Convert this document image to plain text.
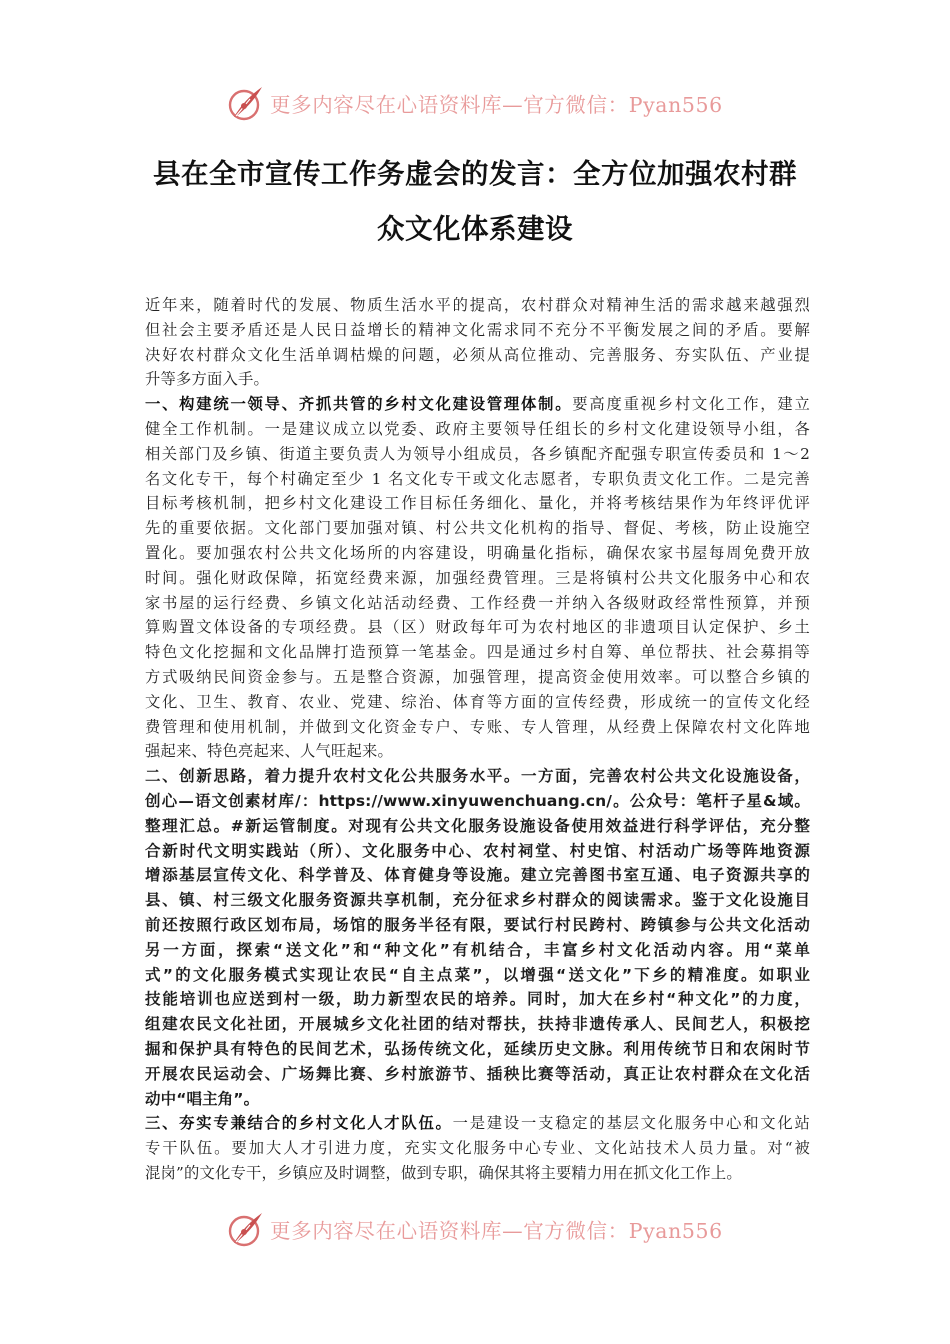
更多内容尽在心语资料库—官方微信：Pyan556
县在全市宣传工作务虚会的发言：全方位加强农村群
众文化体系建设
近年来，随着时代的发展、物质生活水平的提高，农村群众对精神生活的需求越来越强烈
但社会主要矛盾还是人民日益增长的精神文化需求同不充分不平衡发展之间的矛盾。要解
决好农村群众文化生活单调枯燥的问题，必须从高位推动、完善服务、夯实队伍、产业提
升等多方面入手。
一、构建统一领导、齐抓共管的乡村文化建设管理体制。要高度重视乡村文化工作，建立
健全工作机制。一是建议成立以党委、政府主要领导任组长的乡村文化建设领导小组，各
相关部门及乡镇、街道主要负责人为领导小组成员，各乡镇配齐配强专职宣传委员和 1～2
名文化专干，每个村确定至少 1 名文化专干或文化志愿者，专职负责文化工作。二是完善
目标考核机制，把乡村文化建设工作目标任务细化、量化，并将考核结果作为年终评优评
先的重要依据。文化部门要加强对镇、村公共文化机构的指导、督促、考核，防止设施空
置化。要加强农村公共文化场所的内容建设，明确量化指标，确保农家书屋每周免费开放
时间。强化财政保障，拓宽经费来源，加强经费管理。三是将镇村公共文化服务中心和农
家书屋的运行经费、乡镇文化站活动经费、工作经费一并纳入各级财政经常性预算，并预
算购置文体设备的专项经费。县（区）财政每年可为农村地区的非遗项目认定保护、乡土
特色文化挖掘和文化品牌打造预算一笔基金。四是通过乡村自筹、单位帮扶、社会募捐等
方式吸纳民间资金参与。五是整合资源，加强管理，提高资金使用效率。可以整合乡镇的
文化、卫生、教育、农业、党建、综治、体育等方面的宣传经费，形成统一的宣传文化经
费管理和使用机制，并做到文化资金专户、专账、专人管理，从经费上保障农村文化阵地
强起来、特色亮起来、人气旺起来。
二、创新思路，着力提升农村文化公共服务水平。一方面，完善农村公共文化设施设备，
创心—语文创素材库/：https://www.xinyuwenchuang.cn/。公众号：笔杆子星&域。
整理汇总。#新运管制度。对现有公共文化服务设施设备使用效益进行科学评估，充分整
合新时代文明实践站（所）、文化服务中心、农村祠堂、村史馆、村活动广场等阵地资源
增添基层宣传文化、科学普及、体育健身等设施。建立完善图书室互通、电子资源共享的
县、镇、村三级文化服务资源共享机制，充分征求乡村群众的阅读需求。鉴于文化设施目
前还按照行政区划布局，场馆的服务半径有限，要试行村民跨村、跨镇参与公共文化活动
另一方面，探索“送文化”和“种文化”有机结合，丰富乡村文化活动内容。用“菜单
式”的文化服务模式实现让农民“自主点菜”，以增强“送文化”下乡的精准度。如职业
技能培训也应送到村一级，助力新型农民的培养。同时，加大在乡村“种文化”的力度，
组建农民文化社团，开展城乡文化社团的结对帮扶，扶持非遗传承人、民间艺人，积极挖
掘和保护具有特色的民间艺术，弘扬传统文化，延续历史文脉。利用传统节日和农闲时节
开展农民运动会、广场舞比赛、乡村旅游节、插秧比赛等活动，真正让农村群众在文化活
动中“唱主角”。
三、夯实专兼结合的乡村文化人才队伍。一是建设一支稳定的基层文化服务中心和文化站
专干队伍。要加大人才引进力度，充实文化服务中心专业、文化站技术人员力量。对“被
混岗”的文化专干，乡镇应及时调整，做到专职，确保其将主要精力用在抓文化工作上。
更多内容尽在心语资料库—官方微信：Pyan556
